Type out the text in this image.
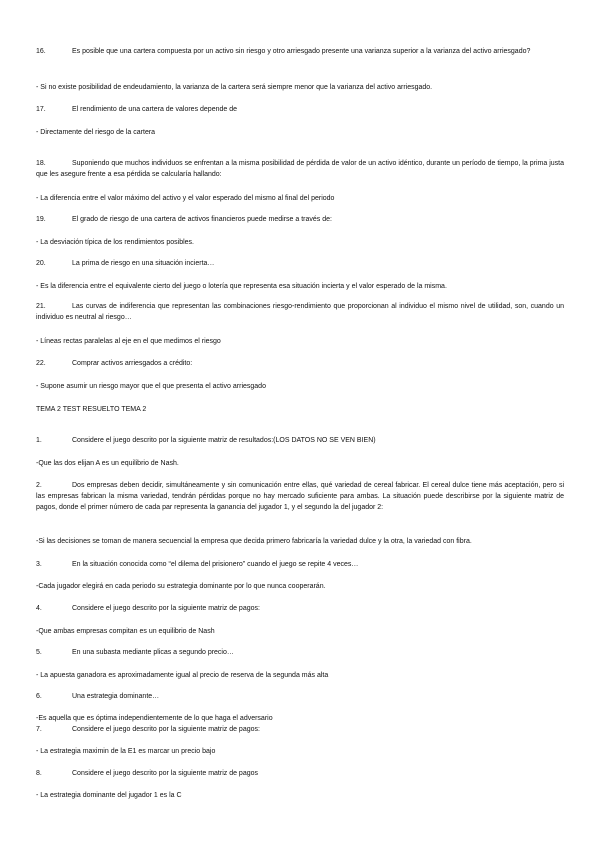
16.	Es posible que una cartera compuesta por un activo sin riesgo y otro arriesgado presente una varianza superior a la varianza del activo arriesgado?
- Si no existe posibilidad de endeudamiento, la varianza de la cartera será siempre menor que la varianza del activo arriesgado.
17.	El rendimiento de una cartera de valores depende de
- Directamente del riesgo de la cartera
18.	Suponiendo que muchos individuos se enfrentan a la misma posibilidad de pérdida de valor de un activo idéntico, durante un período de tiempo, la prima justa que les asegure frente a esa pérdida se calcularía hallando:
- La diferencia entre el valor máximo del activo y el valor esperado del mismo al final del periodo
19.	El grado de riesgo de una cartera de activos financieros puede medirse a través de:
- La desviación típica de los rendimientos posibles.
20.	La prima de riesgo en una situación incierta…
- Es la diferencia entre el equivalente cierto del juego o lotería que representa esa situación incierta y el valor esperado de la misma.
21.	Las curvas de indiferencia que representan las combinaciones riesgo-rendimiento que proporcionan al individuo el mismo nivel de utilidad, son, cuando un individuo es neutral al riesgo…
- Líneas rectas paralelas al eje en el que medimos el riesgo
22.	Comprar activos arriesgados a crédito:
- Supone asumir un riesgo mayor que el que presenta el activo arriesgado
TEMA 2 TEST RESUELTO TEMA 2
1.	Considere el juego descrito por la siguiente matriz de resultados:(LOS DATOS NO SE VEN BIEN)
-Que las dos elijan A es un equilibrio de Nash.
2.	Dos empresas deben decidir, simultáneamente y sin comunicación entre ellas, qué variedad de cereal fabricar. El cereal dulce tiene más aceptación, pero si las empresas fabrican la misma variedad, tendrán pérdidas porque no hay mercado suficiente para ambas. La situación puede describirse por la siguiente matriz de pagos, donde el primer número de cada par representa la ganancia del jugador 1, y el segundo la del jugador 2:
-Si las decisiones se toman de manera secuencial la empresa que decida primero fabricaría la variedad dulce y la otra, la variedad con fibra.
3.	En la situación conocida como “el dilema del prisionero” cuando el juego se repite 4 veces…
-Cada jugador elegirá en cada periodo su estrategia dominante por lo que nunca cooperarán.
4.	Considere el juego descrito por la siguiente matriz de pagos:
-Que ambas empresas compitan es un equilibrio de Nash
5.	En una subasta mediante plicas a segundo precio…
- La apuesta ganadora es aproximadamente igual al precio de reserva de la segunda más alta
6.	Una estrategia dominante…
-Es aquella que es óptima independientemente de lo que haga el adversario
7.	Considere el juego descrito por la siguiente matriz de pagos:
- La estrategia maximin de la E1 es marcar un precio bajo
8.	Considere el juego descrito por la siguiente matriz de pagos
- La estrategia dominante del jugador 1 es la C
